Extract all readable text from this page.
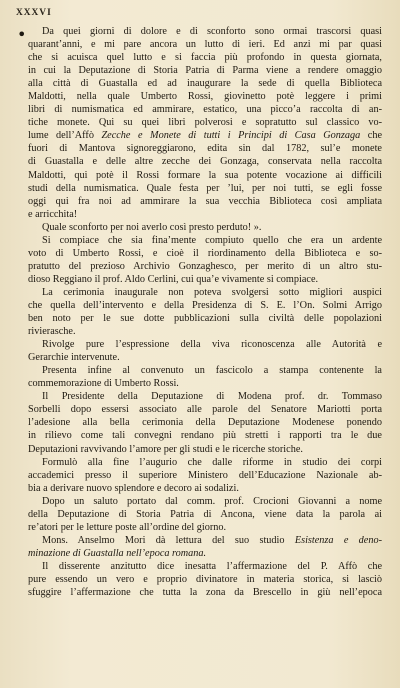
XXXVI
•	Da quei giorni di dolore e di sconforto sono ormai trascorsi quasi
quarant’anni, e mi pare ancora un lutto di ieri. Ed anzi mi par quasi
che si acuisca quel lutto e si faccia più profondo in questa giornata,
in cui la Deputazione di Storia Patria di Parma viene a rendere omaggio
alla città di Guastalla ed ad inaugurare la sede di quella Biblioteca
Maldotti, nella quale Umberto Rossi, giovinetto potè leggere i primi
libri di numismatica ed ammirare, estatico, una picco’a raccolta di an-
tiche monete. Qui su quei libri polverosi e sopratutto sul classico vo-
lume dell’Affò Zecche e Monete di tutti i Principi di Casa Gonzaga che
fuori di Mantova signoreggiarono, edita sin dal 1782, sul’e monete
di Guastalla e delle altre zecche dei Gonzaga, conservata nella raccolta
Maldotti, qui potè il Rossi formare la sua potente vocazione ai difficili
studi della numismatica. Quale festa per ’lui, per noi tutti, se egli fosse
oggi qui fra noi ad ammirare la sua vecchia Biblioteca così ampliata
e arricchita!
Quale sconforto per noi averlo così presto perduto! ».
Si compiace che sia fina’mente compiuto quello che era un ardente
voto di Umberto Rossi, e cioè il riordinamento della Biblioteca e so-
pratutto del prezioso Archivio Gonzaghesco, per merito di un altro stu-
dioso Reggiano il prof. Aldo Cerlini, cui qua’e vivamente si compiace.
La cerimonia inaugurale non poteva svolgersi sotto migliori auspici
che quella dell’intervento e della Presidenza di S. E. l’On. Solmi Arrigo
ben noto per le sue dotte pubblicazioni sulla civiltà delle popolazioni
rivierasche.
Rivolge pure l’espressione della viva riconoscenza alle Autorità e
Gerarchie intervenute.
Presenta infine al convenuto un fascicolo a stampa contenente la
commemorazione di Umberto Rossi.
Il Presidente della Deputazione di Modena prof. dr. Tommaso
Sorbelli dopo essersi associato alle parole del Senatore Mariotti porta
l’adesione alla bella cerimonia della Deputazione Modenese ponendo
in rilievo come tali convegni rendano più stretti i rapporti tra le due
Deputazioni ravvivando l’amore per gli studi e le ricerche storiche.
Formulò alla fine l’augurio che dalle riforme in studio dei corpi
accademici presso il superiore Ministero dell’Educazione Nazionale ab-
bia a derivare nuovo splendore e decoro ai sodalizi.
Dopo un saluto portato dal comm. prof. Crocioni Giovanni a nome
della Deputazione di Storia Patria di Ancona, viene data la parola ai
re’atori per le letture poste all’ordine del giorno.
Mons. Anselmo Mori dà lettura del suo studio Esistenza e deno-
minazione di Guastalla nell’epoca romana.
Il disserente anzitutto dice inesatta l’affermazione del P. Affò che
pure essendo un vero e proprio divinatore in materia storica, si lasciò
sfuggire l’affermazione che tutta la zona da Brescello in giù nell’epoca
